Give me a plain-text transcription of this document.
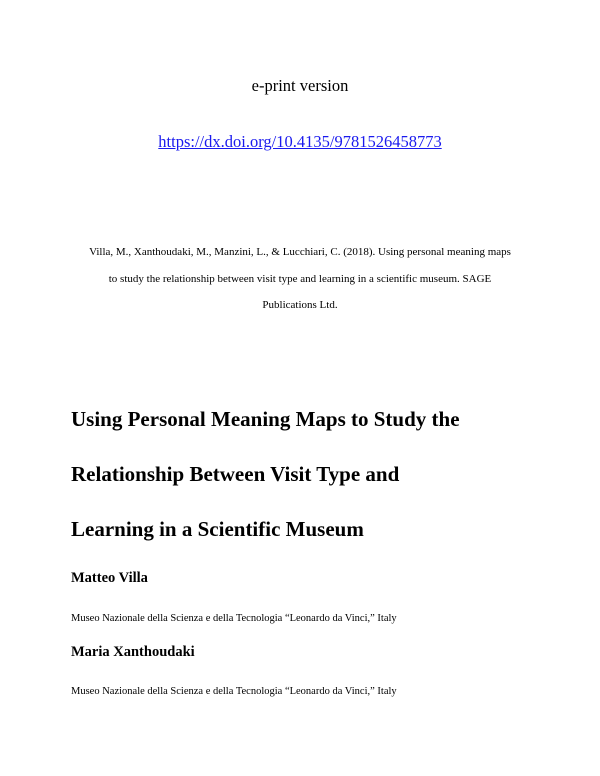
e-print version
https://dx.doi.org/10.4135/9781526458773
Villa, M., Xanthoudaki, M., Manzini, L., & Lucchiari, C. (2018). Using personal meaning maps
to study the relationship between visit type and learning in a scientific museum. SAGE
Publications Ltd.
Using Personal Meaning Maps to Study the
Relationship Between Visit Type and
Learning in a Scientific Museum
Matteo Villa
Museo Nazionale della Scienza e della Tecnologia “Leonardo da Vinci,” Italy
Maria Xanthoudaki
Museo Nazionale della Scienza e della Tecnologia “Leonardo da Vinci,” Italy
